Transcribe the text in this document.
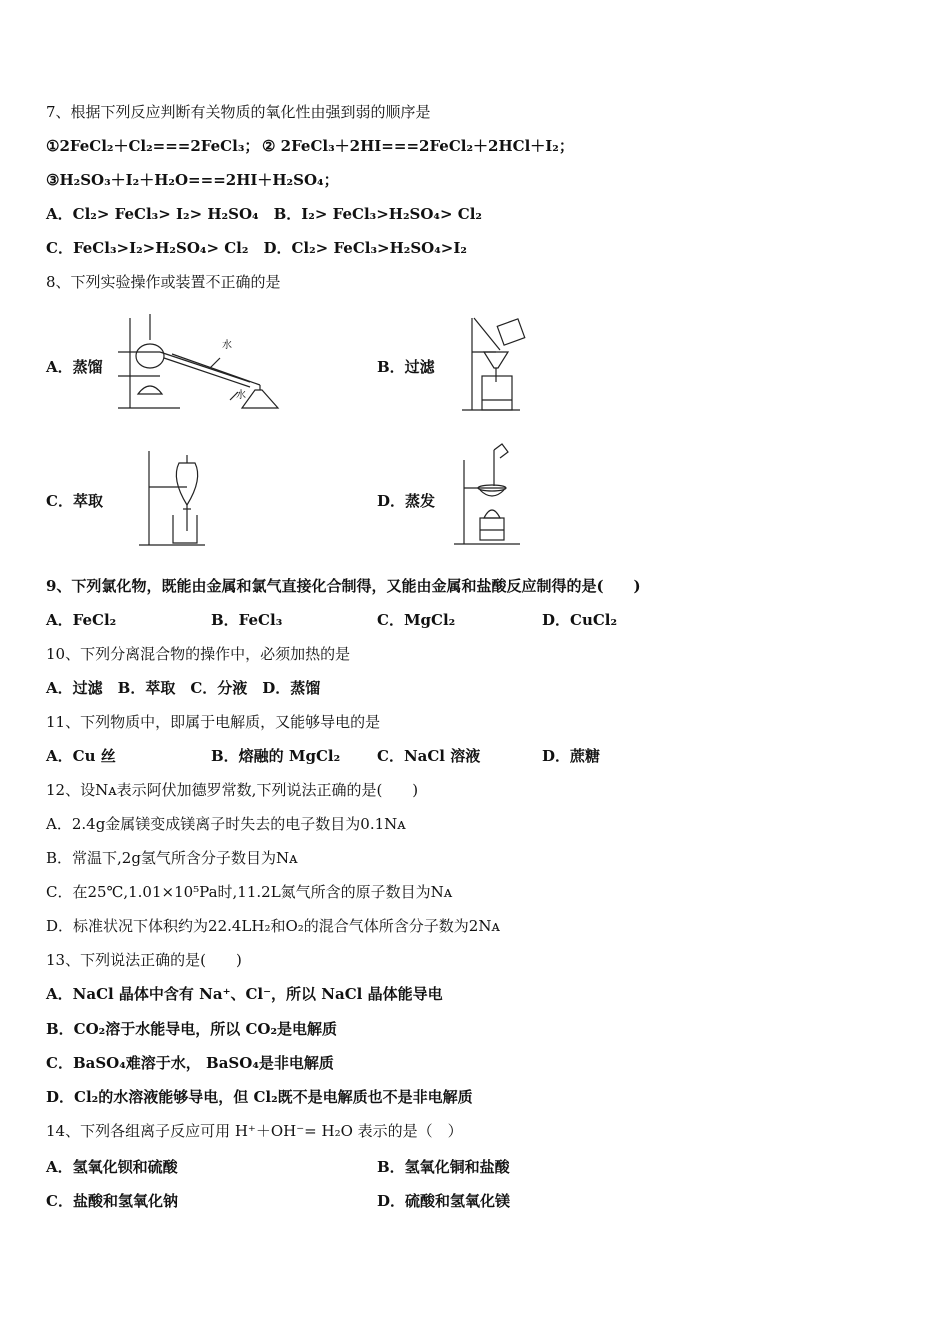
7、根据下列反应判断有关物质的氧化性由强到弱的顺序是
①2FeCl₂＋Cl₂===2FeCl₃； ② 2FeCl₃＋2HI===2FeCl₂＋2HCl＋I₂；
③H₂SO₃＋I₂＋H₂O===2HI＋H₂SO₄；
A．Cl₂> FeCl₃> I₂> H₂SO₄　B．I₂> FeCl₃>H₂SO₄> Cl₂
C．FeCl₃>I₂>H₂SO₄> Cl₂　D．Cl₂> FeCl₃>H₂SO₄>I₂
8、下列实验操作或装置不正确的是
A．蒸馏	B．过滤
C．萃取	D．蒸发
水
水
9、下列氯化物，既能由金属和氯气直接化合制得，又能由金属和盐酸反应制得的是(　　)
A．FeCl₂	B．FeCl₃	C．MgCl₂	D．CuCl₂
10、下列分离混合物的操作中，必须加热的是
A．过滤　B．萃取　C．分液　D．蒸馏
11、下列物质中，即属于电解质，又能够导电的是
A．Cu 丝	B．熔融的 MgCl₂ C．NaCl 溶液	D．蔗糖
12、设Nᴀ表示阿伏加德罗常数,下列说法正确的是(　　)
A．2.4g金属镁变成镁离子时失去的电子数目为0.1Nᴀ
B．常温下,2g氢气所含分子数目为Nᴀ
C．在25℃,1.01×10⁵Pa时,11.2L氮气所含的原子数目为Nᴀ
D．标准状况下体积约为22.4LH₂和O₂的混合气体所含分子数为2Nᴀ
13、下列说法正确的是(　　)
A．NaCl 晶体中含有 Na⁺、Cl⁻，所以 NaCl 晶体能导电
B．CO₂溶于水能导电，所以 CO₂是电解质
C．BaSO₄难溶于水， BaSO₄是非电解质
D．Cl₂的水溶液能够导电，但 Cl₂既不是电解质也不是非电解质
14、下列各组离子反应可用 H⁺＋OH⁻= H₂O 表示的是（　）
A．氢氧化钡和硫酸	B．氢氧化铜和盐酸
C．盐酸和氢氧化钠	D．硫酸和氢氧化镁
